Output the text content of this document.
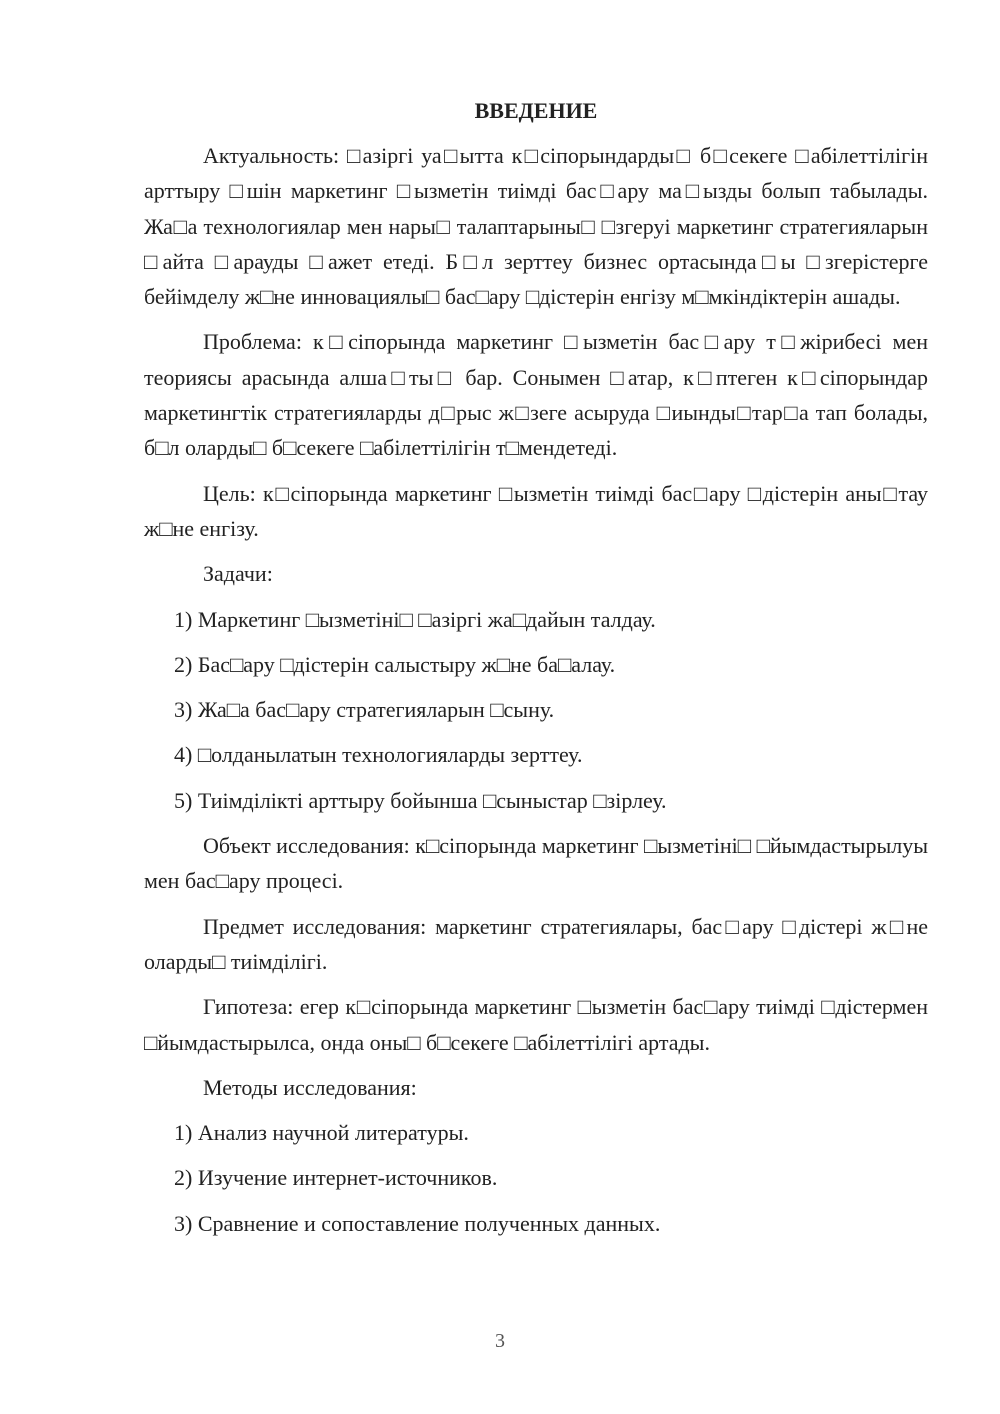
ВВЕДЕНИЕ
Актуальность: □азіргі уа□ытта к□сіпорындарды□ б□секеге □абілеттілігін арттыру □шін маркетинг □ызметін тиімді бас□ару ма□ызды болып табылады. Жа□а технологиялар мен нары□ талаптарыны□ □згеруі маркетинг стратегияларын □айта □арауды □ажет етеді. Б□л зерттеу бизнес ортасында□ы □згерістерге бейімделу ж□не инновациялы□ бас□ару □дістерін енгізу м□мкіндіктерін ашады.
Проблема: к□сіпорында маркетинг □ызметін бас□ару т□жірибесі мен теориясы арасында алша□ты□ бар. Сонымен □атар, к□птеген к□сіпорындар маркетингтік стратегияларды д□рыс ж□зеге асыруда □иынды□тар□а тап болады, б□л оларды□ б□секеге □абілеттілігін т□мендетеді.
Цель: к□сіпорында маркетинг □ызметін тиімді бас□ару □дістерін аны□тау ж□не енгізу.
Задачи:
1) Маркетинг □ызметіні□ □азіргі жа□дайын талдау.
2) Бас□ару □дістерін салыстыру ж□не ба□алау.
3) Жа□а бас□ару стратегияларын □сыну.
4) □олданылатын технологияларды зерттеу.
5) Тиімділікті арттыру бойынша □сыныстар □зірлеу.
Объект исследования: к□сіпорында маркетинг □ызметіні□ □йымдастырылуы мен бас□ару процесі.
Предмет исследования: маркетинг стратегиялары, бас□ару □дістері ж□не оларды□ тиімділігі.
Гипотеза: егер к□сіпорында маркетинг □ызметін бас□ару тиімді □дістермен □йымдастырылса, онда оны□ б□секеге □абілеттілігі артады.
Методы исследования:
1) Анализ научной литературы.
2) Изучение интернет-источников.
3) Сравнение и сопоставление полученных данных.
3
